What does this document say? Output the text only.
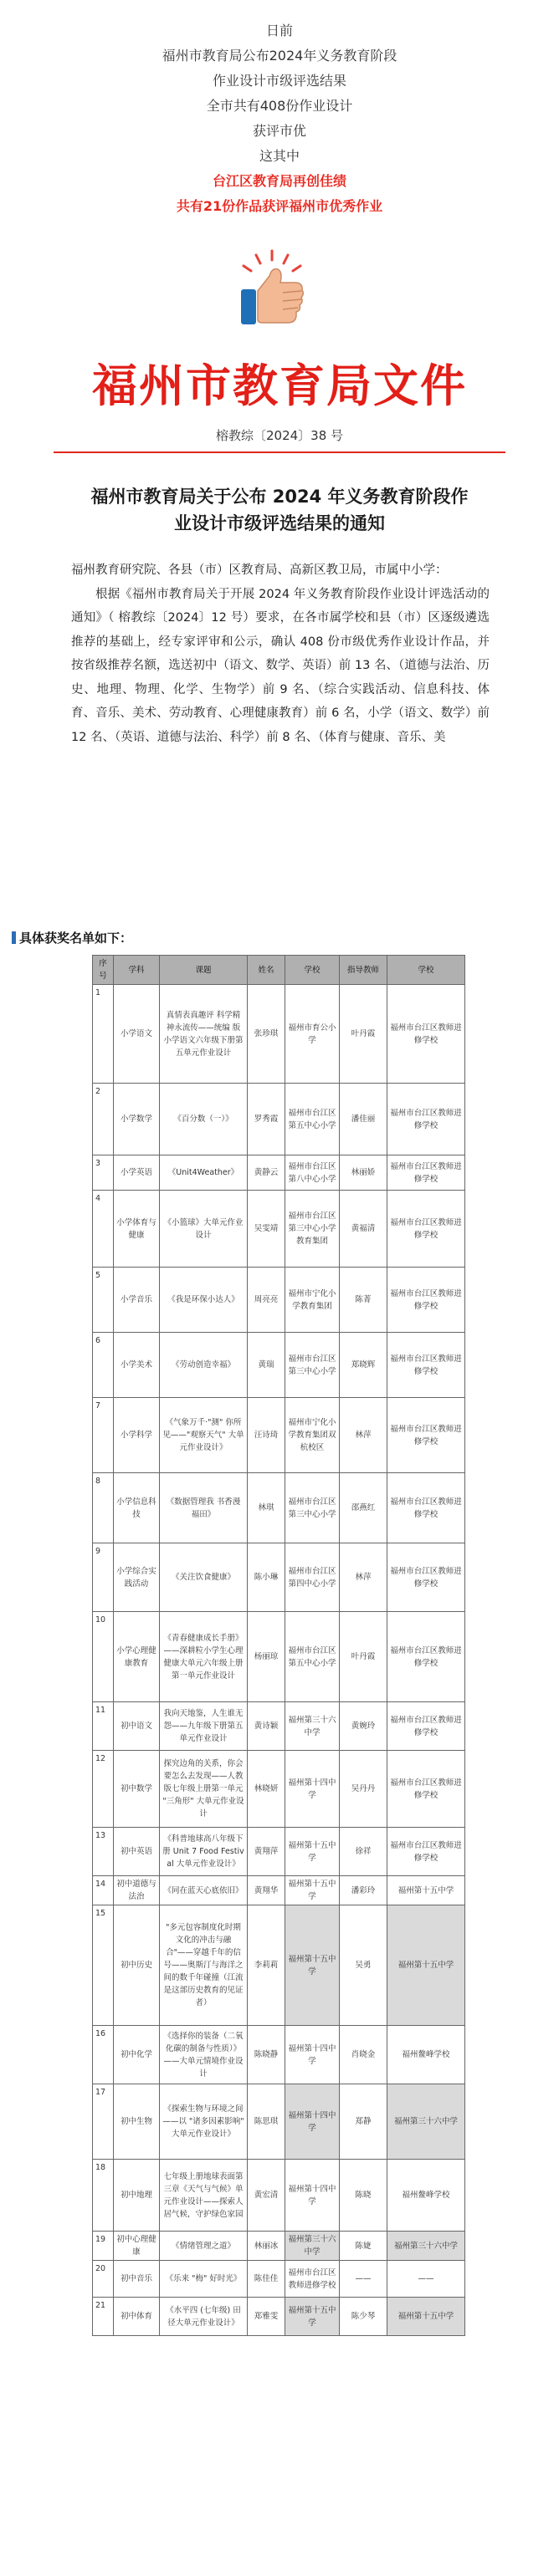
日前

福州市教育局公布2024年义务教育阶段

作业设计市级评选结果

全市共有408份作业设计

获评市优

这其中

台江区教育局再创佳绩

共有21份作品获评福州市优秀作业

福州市教育局文件
榕教综〔2024〕38 号
福州市教育局关于公布 2024 年义务教育阶段作业设计市级评选结果的通知

福州教育研究院、各县（市）区教育局、高新区教卫局，市属中小学：

根据《福州市教育局关于开展 2024 年义务教育阶段作业设计评选活动的通知》（ 榕教综〔2024〕12 号）要求，在各市属学校和县（市）区逐级遴选推荐的基础上，经专家评审和公示，确认 408 份市级优秀作业设计作品，并按省级推荐名额，选送初中（语文、数学、英语）前 13 名、（道德与法治、历史、地理、物理、化学、生物学）前 9 名、（综合实践活动、信息科技、体育、音乐、美术、劳动教育、心理健康教育）前 6 名，小学（语文、数学）前 12 名、（英语、道德与法治、科学）前 8 名、（体育与健康、音乐、美

具体获奖名单如下：
序号	学科	课题	姓名	学校	指导教师	学校
1	小学语文	真情表真趣评 科学精神永流传——统编 版小学语文六年级下册第五单元作业设计	张珍琪	福州市育公小学	叶丹霞	福州市台江区教师进修学校
2	小学数学	《百分数（一）》	罗秀霞	福州市台江区第五中心小学	潘佳丽	福州市台江区教师进修学校
3	小学英语	《Unit4Weather》	黄静云	福州市台江区第八中心小学	林丽娇	福州市台江区教师进修学校
4	小学体育与健康	《小篮球》大单元作业设计	吴雯靖	福州市台江区第三中心小学教育集团	黄福清	福州市台江区教师进修学校
5	小学音乐	《我是环保小达人》	周亮亮	福州市宁化小学教育集团	陈菁	福州市台江区教师进修学校
6	小学美术	《劳动创造幸福》	黄瑞	福州市台江区第三中心小学	郑晓辉	福州市台江区教师进修学校
7	小学科学	《气象万千·"测" 你所见——"观察天气" 大单元作业设计》	汪诗琦	福州市宁化小学教育集团双杭校区	林萍	福州市台江区教师进修学校
8	小学信息科技	《数据管理我 书香漫福田》	林琪	福州市台江区第三中心小学	邵燕红	福州市台江区教师进修学校
9	小学综合实践活动	《关注饮食健康》	陈小琳	福州市台江区第四中心小学	林萍	福州市台江区教师进修学校
10	小学心理健康教育	《青春健康成长手册》——深耕粒小学生心理健康大单元六年级上册第一单元作业设计	杨丽琼	福州市台江区第五中心小学	叶丹霞	福州市台江区教师进修学校
11	初中语文	我向天地鉴，人生谁无怨——九年级下册第五单元作业设计	黄诗颖	福州第三十六中学	黄婉玲	福州市台江区教师进修学校
12	初中数学	探究边角的关系，你会要怎么去发现——人教版七年级上册第一单元 "三角形" 大单元作业设计	林晓妍	福州第十四中学	吴丹丹	福州市台江区教师进修学校
13	初中英语	《科普地球高八年级下册 Unit 7 Food Festival 大单元作业设计》	黄翔萍	福州第十五中学	徐祥	福州市台江区教师进修学校
14	初中道德与法治	《同在蓝天心底依旧》	黄翔华	福州第十五中学	潘彩玲	福州第十五中学
15	初中历史	"多元包容制度化时期文化的冲击与融合"——穿越千年的信号——奥斯汀与海洋之间的数千年碰撞（江流是这部历史教育的见证者）	李莉莉	福州第十五中学	吴勇	福州第十五中学
16	初中化学	《选择你的装备（二氧化碳的制备与性质）》——大单元情境作业设计	陈晓静	福州第十四中学	肖晓金	福州鳌峰学校
17	初中生物	《探索生物与环境之间——以 "诸多因素影响" 大单元作业设计》	陈思琪	福州第十四中学	郑静	福州第三十六中学
18	初中地理	七年级上册地球表面第三章《天气与气候》单元作业设计——探索人居气候，守护绿色家园	黄宏清	福州第十四中学	陈晓	福州鳌峰学校
19	初中心理健康	《情绪管理之道》	林丽冰	福州第三十六中学	陈婕	福州第三十六中学
20	初中音乐	《乐来 "梅" 好时光》	陈佳佳	福州市台江区教师进修学校	——	——
21	初中体育	《水平四 (七年级) 田径大单元作业设计》	郑雅雯	福州第十五中学	陈少琴	福州第十五中学
